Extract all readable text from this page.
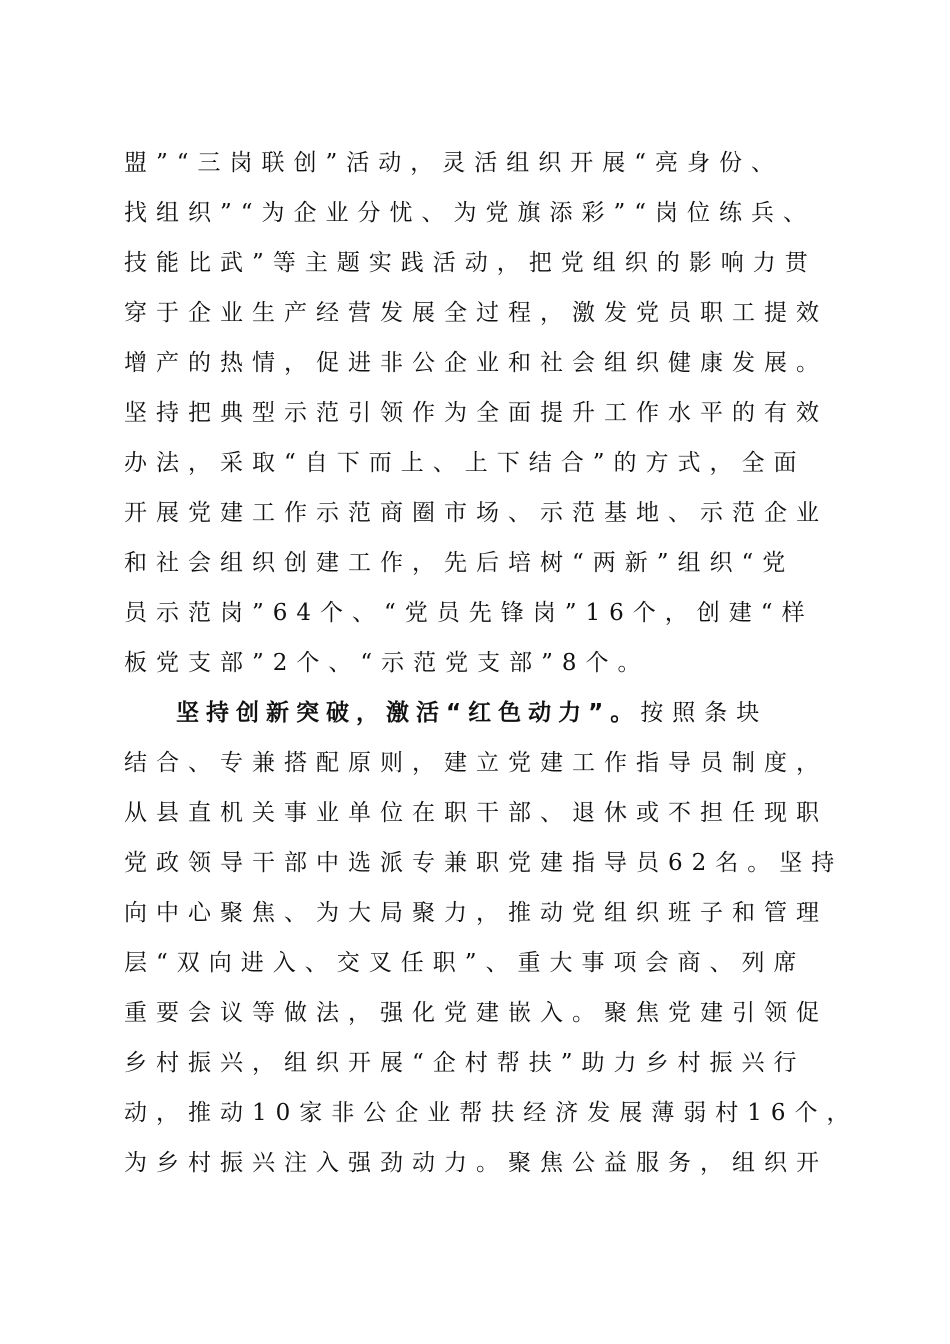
盟”“三岗联创”活动，灵活组织开展“亮身份、
找组织”“为企业分忧、为党旗添彩”“岗位练兵、
技能比武”等主题实践活动，把党组织的影响力贯
穿于企业生产经营发展全过程，激发党员职工提效
增产的热情，促进非公企业和社会组织健康发展。
坚持把典型示范引领作为全面提升工作水平的有效
办法，采取“自下而上、上下结合”的方式，全面
开展党建工作示范商圈市场、示范基地、示范企业
和社会组织创建工作，先后培树“两新”组织“党
员示范岗”64个、“党员先锋岗”16个，创建“样
板党支部”2个、“示范党支部”8个。
坚持创新突破，激活“红色动力”。按照条块
结合、专兼搭配原则，建立党建工作指导员制度，
从县直机关事业单位在职干部、退休或不担任现职
党政领导干部中选派专兼职党建指导员62名。坚持
向中心聚焦、为大局聚力，推动党组织班子和管理
层“双向进入、交叉任职”、重大事项会商、列席
重要会议等做法，强化党建嵌入。聚焦党建引领促
乡村振兴，组织开展“企村帮扶”助力乡村振兴行
动，推动10家非公企业帮扶经济发展薄弱村16个，
为乡村振兴注入强劲动力。聚焦公益服务，组织开
